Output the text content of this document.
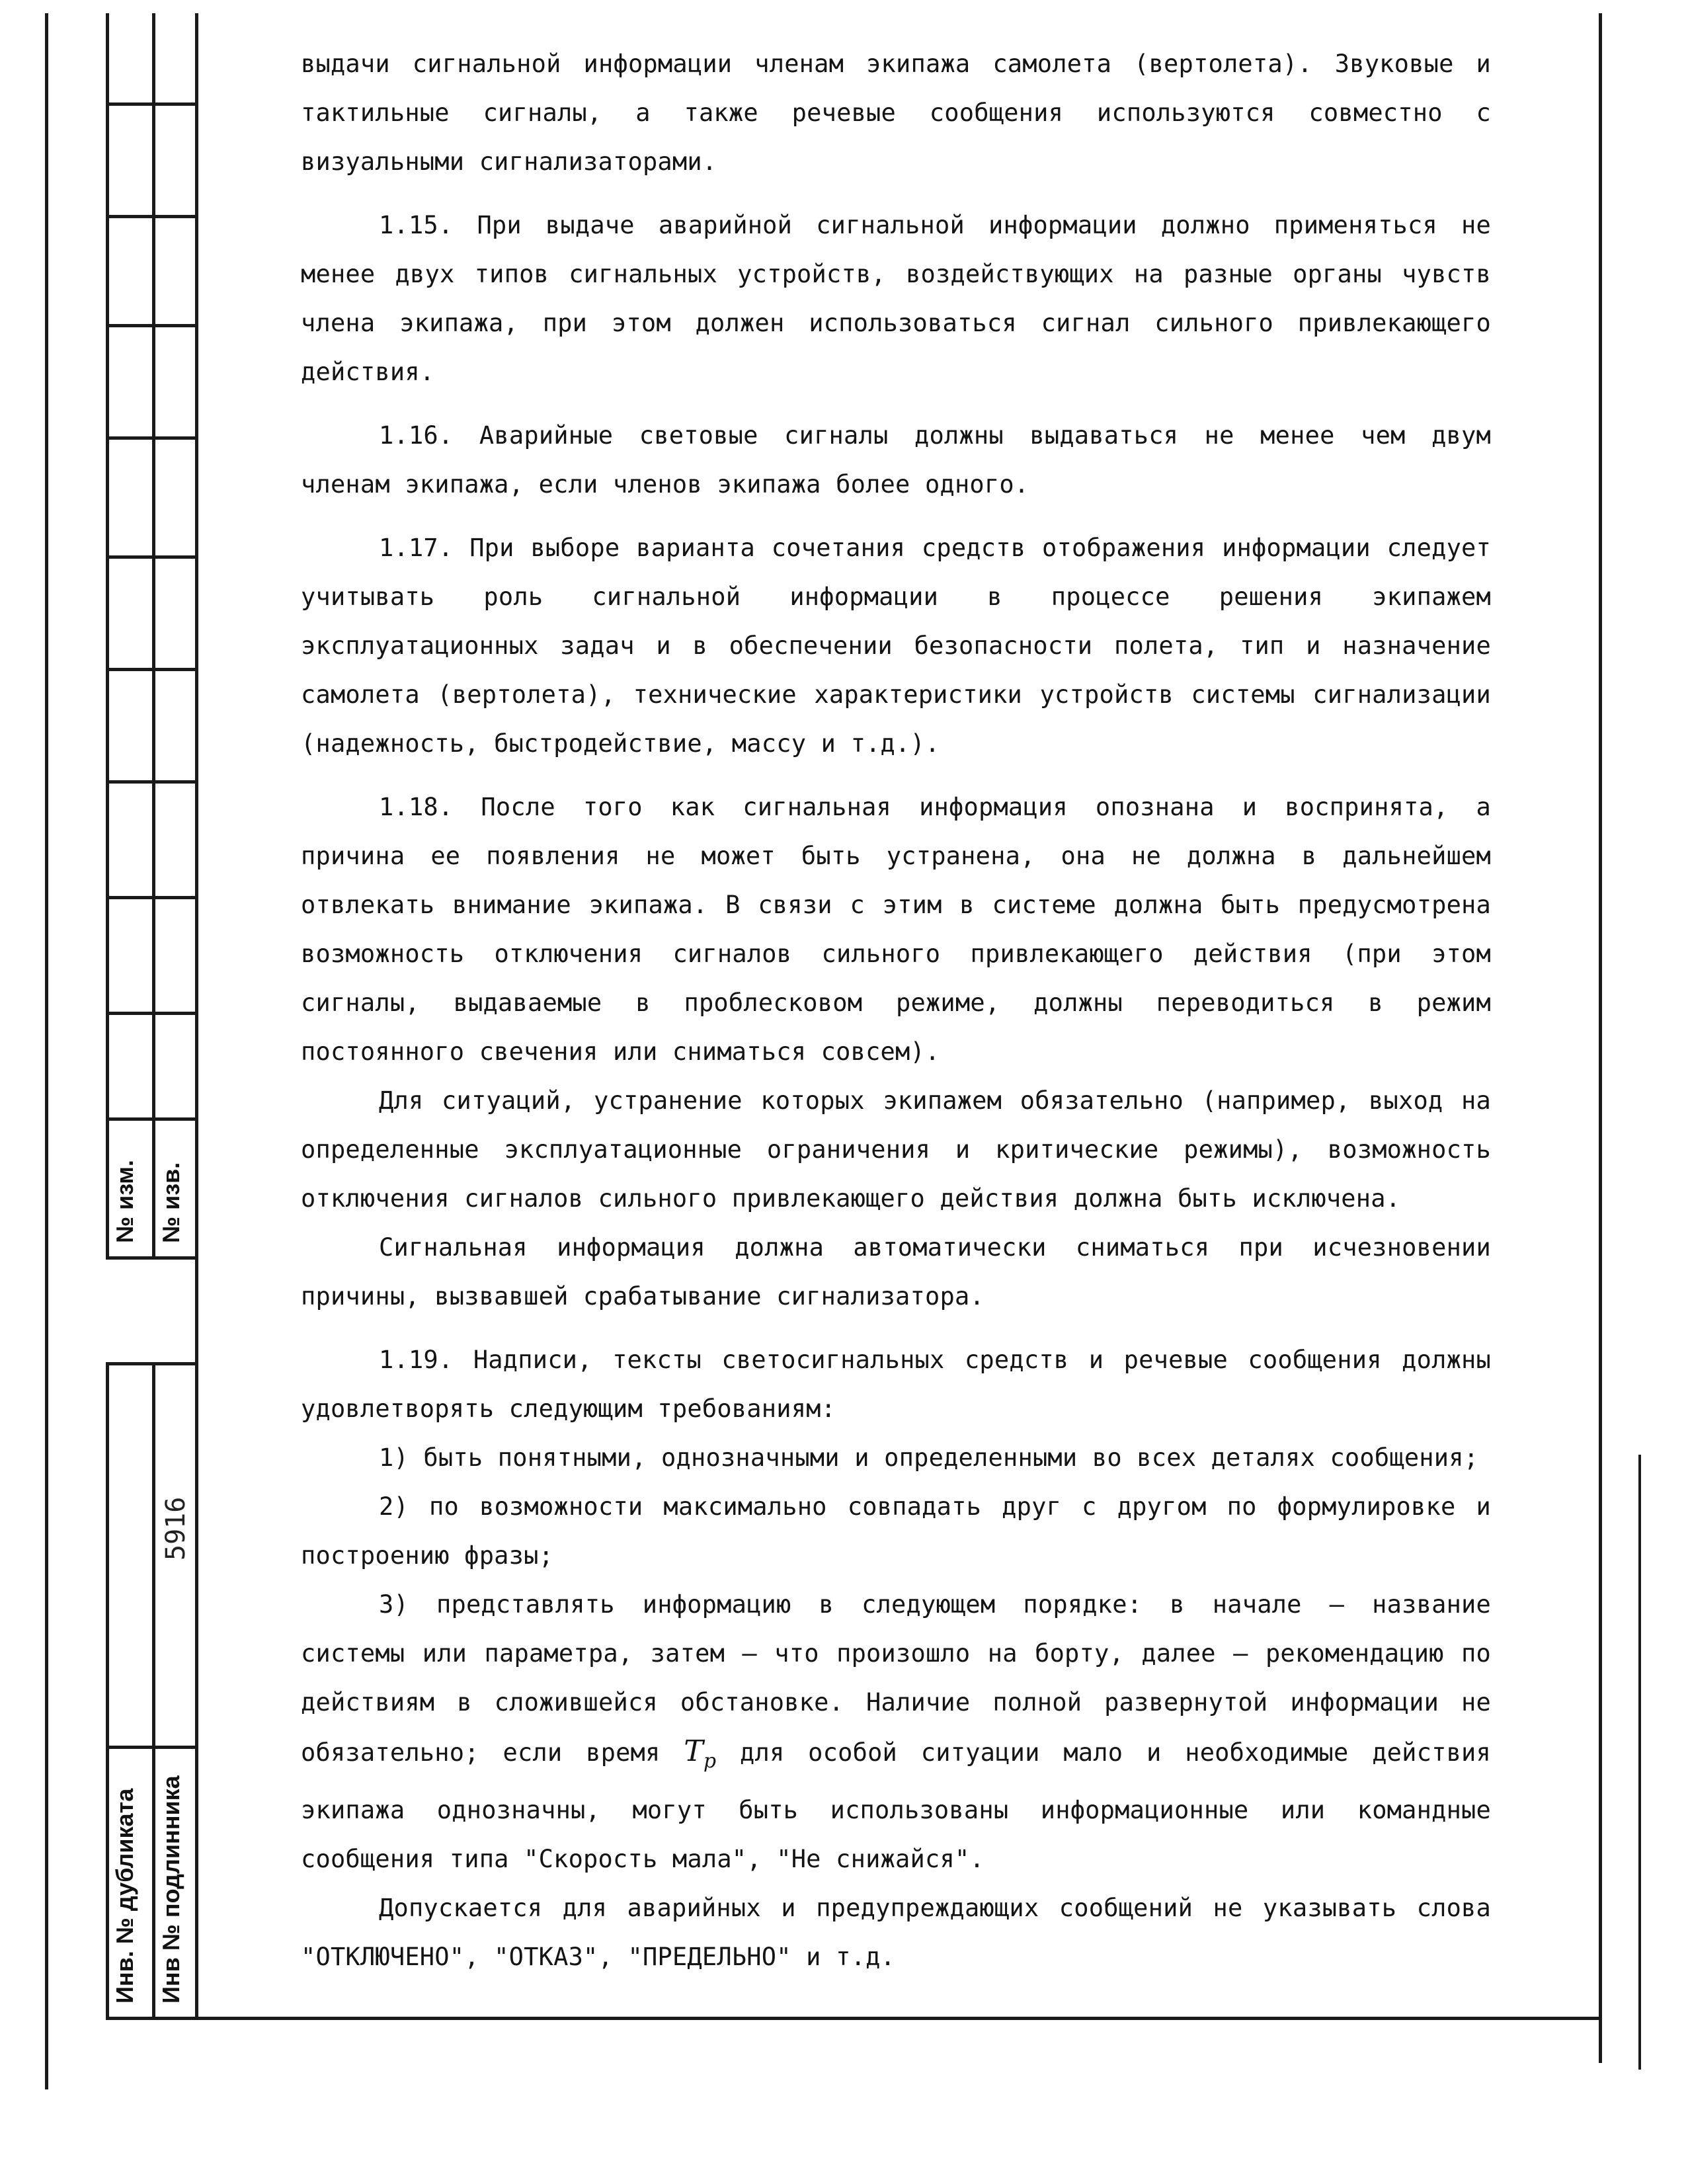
№ изм. № изв.
5916
Инв. № дубликата Инв № подлинника

выдачи сигнальной информации членам экипажа самолета (вертолета). Звуковые и тактильные сигналы, а также речевые сообщения используются совместно с визуальными сигнализаторами.

1.15. При выдаче аварийной сигнальной информации должно применяться не менее двух типов сигнальных устройств, воздействующих на разные органы чувств члена экипажа, при этом должен использоваться сигнал сильного привлекающего действия.

1.16. Аварийные световые сигналы должны выдаваться не менее чем двум членам экипажа, если членов экипажа более одного.

1.17. При выборе варианта сочетания средств отображения информации следует учитывать роль сигнальной информации в процессе решения экипажем эксплуатационных задач и в обеспечении безопасности полета, тип и назначение самолета (вертолета), технические характеристики устройств системы сигнализации (надежность, быстродействие, массу и т.д.).

1.18. После того как сигнальная информация опознана и воспринята, а причина ее появления не может быть устранена, она не должна в дальнейшем отвлекать внимание экипажа. В связи с этим в системе должна быть предусмотрена возможность отключения сигналов сильного привлекающего действия (при этом сигналы, выдаваемые в проблесковом режиме, должны переводиться в режим постоянного свечения или сниматься совсем).

Для ситуаций, устранение которых экипажем обязательно (например, выход на определенные эксплуатационные ограничения и критические режимы), возможность отключения сигналов сильного привлекающего действия должна быть исключена.

Сигнальная информация должна автоматически сниматься при исчезновении причины, вызвавшей срабатывание сигнализатора.

1.19. Надписи, тексты светосигнальных средств и речевые сообщения должны удовлетворять следующим требованиям:

1) быть понятными, однозначными и определенными во всех деталях сообщения;

2) по возможности максимально совпадать друг с другом по формулировке и построению фразы;

3) представлять информацию в следующем порядке: в начале – название системы или параметра, затем – что произошло на борту, далее – рекомендацию по действиям в сложившейся обстановке. Наличие полной развернутой информации не обязательно; если время $T_p$ для особой ситуации мало и необходимые действия экипажа однозначны, могут быть использованы информационные или командные сообщения типа "Скорость мала", "Не снижайся".

Допускается для аварийных и предупреждающих сообщений не указывать слова "ОТКЛЮЧЕНО", "ОТКАЗ", "ПРЕДЕЛЬНО" и т.д.
